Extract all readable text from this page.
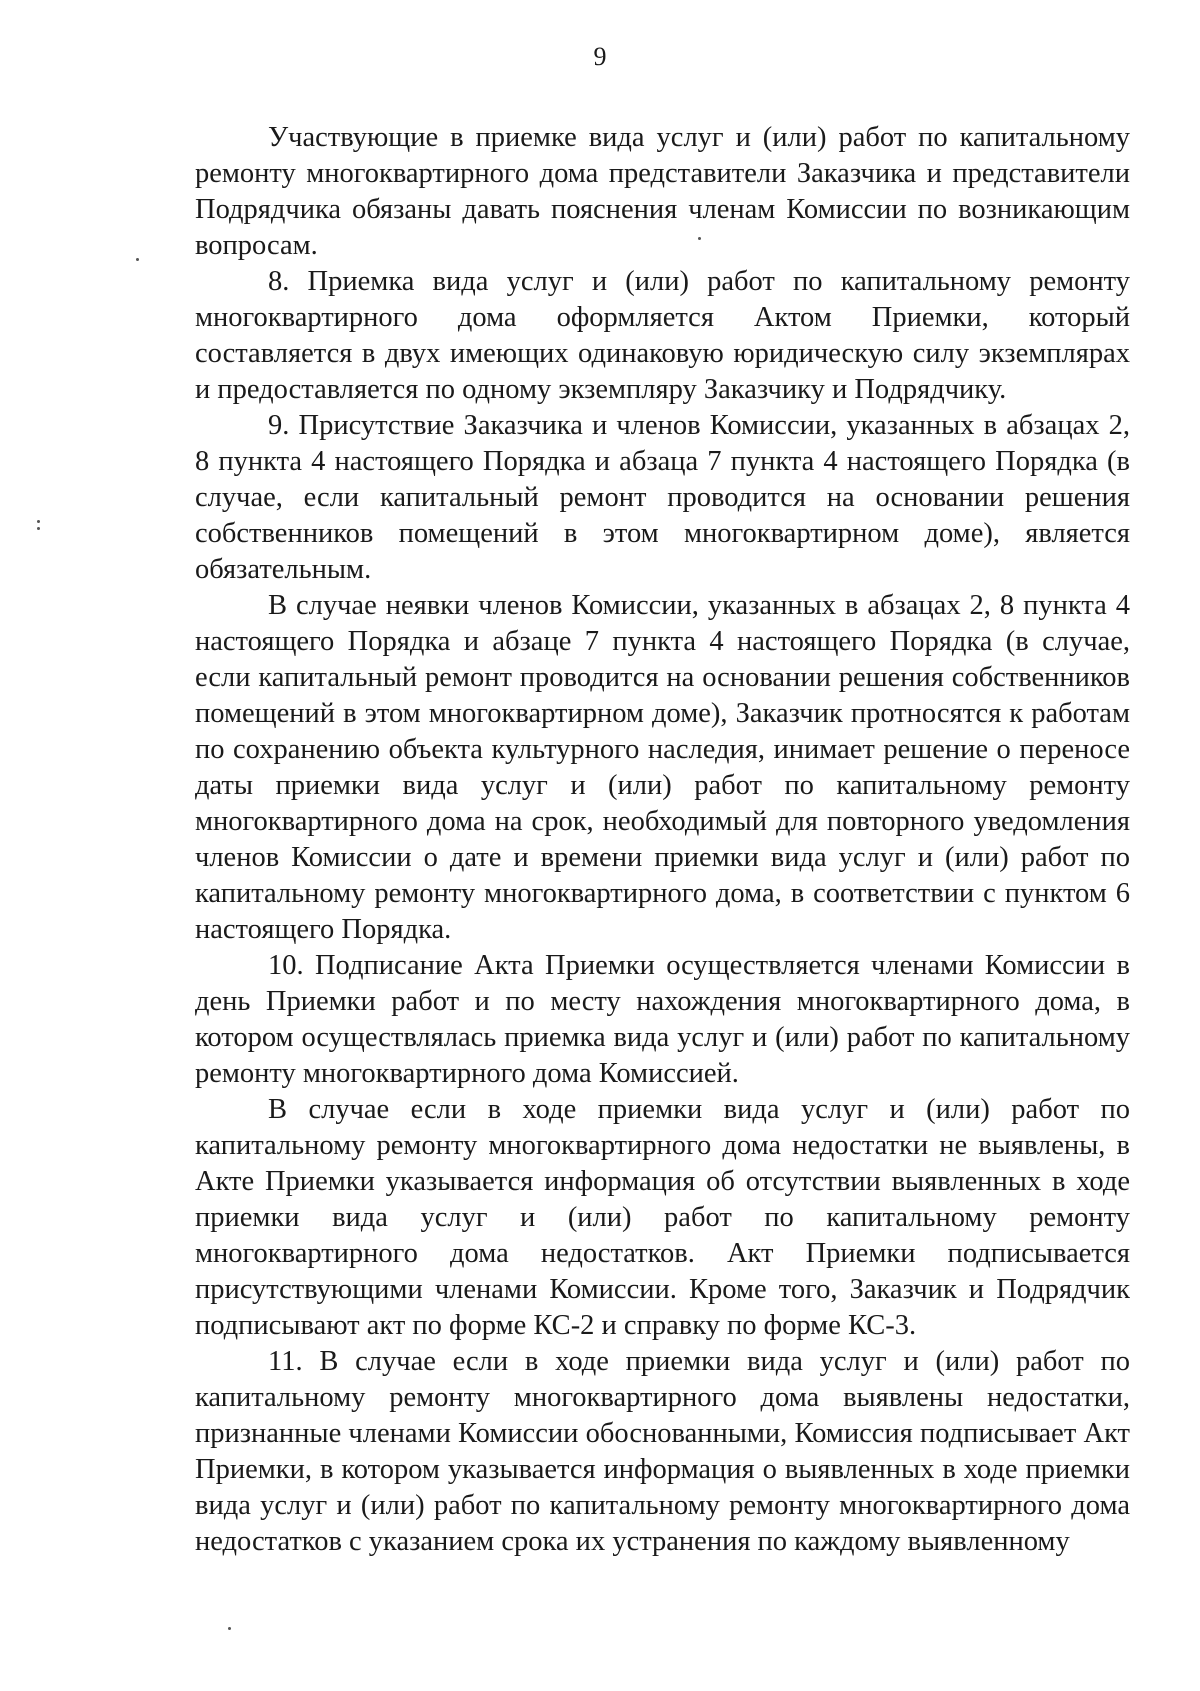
9

Участвующие в приемке вида услуг и (или) работ по капитальному ремонту многоквартирного дома представители Заказчика и представители Подрядчика обязаны давать пояснения членам Комиссии по возникающим вопросам.

8. Приемка вида услуг и (или) работ по капитальному ремонту многоквартирного дома оформляется Актом Приемки, который составляется в двух имеющих одинаковую юридическую силу экземплярах и предоставляется по одному экземпляру Заказчику и Подрядчику.

9. Присутствие Заказчика и членов Комиссии, указанных в абзацах 2, 8 пункта 4 настоящего Порядка и абзаца 7 пункта 4 настоящего Порядка (в случае, если капитальный ремонт проводится на основании решения собственников помещений в этом многоквартирном доме), является обязательным.

В случае неявки членов Комиссии, указанных в абзацах 2, 8 пункта 4 настоящего Порядка и абзаце 7 пункта 4 настоящего Порядка (в случае, если капитальный ремонт проводится на основании решения собственников помещений в этом многоквартирном доме), Заказчик протносятся к работам по сохранению объекта культурного наследия, инимает решение о переносе даты приемки вида услуг и (или) работ по капитальному ремонту многоквартирного дома на срок, необходимый для повторного уведомления членов Комиссии о дате и времени приемки вида услуг и (или) работ по капитальному ремонту многоквартирного дома, в соответствии с пунктом 6 настоящего Порядка.

10. Подписание Акта Приемки осуществляется членами Комиссии в день Приемки работ и по месту нахождения многоквартирного дома, в котором осуществлялась приемка вида услуг и (или) работ по капитальному ремонту многоквартирного дома Комиссией.

В случае если в ходе приемки вида услуг и (или) работ по капитальному ремонту многоквартирного дома недостатки не выявлены, в Акте Приемки указывается информация об отсутствии выявленных в ходе приемки вида услуг и (или) работ по капитальному ремонту многоквартирного дома недостатков. Акт Приемки подписывается присутствующими членами Комиссии. Кроме того, Заказчик и Подрядчик подписывают акт по форме КС-2 и справку по форме КС-3.

11. В случае если в ходе приемки вида услуг и (или) работ по капитальному ремонту многоквартирного дома выявлены недостатки, признанные членами Комиссии обоснованными, Комиссия подписывает Акт Приемки, в котором указывается информация о выявленных в ходе приемки вида услуг и (или) работ по капитальному ремонту многоквартирного дома недостатков с указанием срока их устранения по каждому выявленному
